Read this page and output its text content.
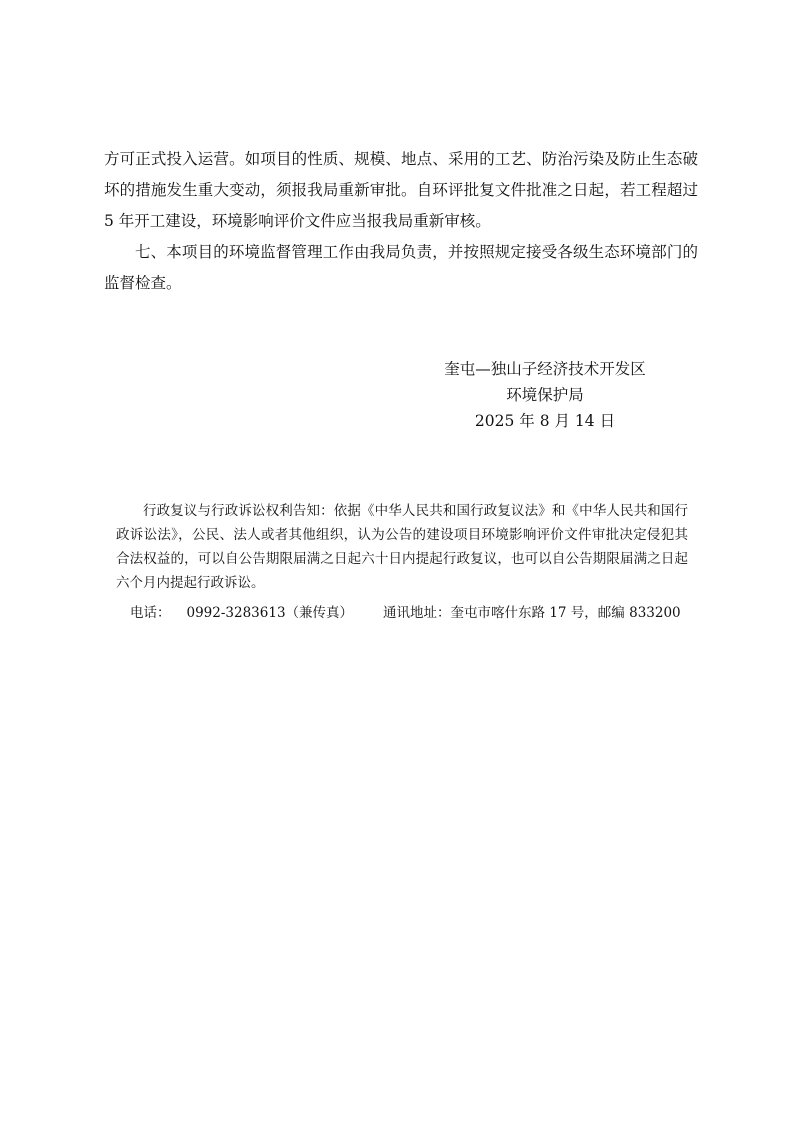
方可正式投入运营。如项目的性质、规模、地点、采用的工艺、防治污染及防止生态破坏的措施发生重大变动，须报我局重新审批。自环评批复文件批准之日起，若工程超过 5 年开工建设，环境影响评价文件应当报我局重新审核。

七、本项目的环境监督管理工作由我局负责，并按照规定接受各级生态环境部门的监督检查。

奎屯—独山子经济技术开发区
环境保护局
2025 年 8 月 14 日

行政复议与行政诉讼权利告知：依据《中华人民共和国行政复议法》和《中华人民共和国行政诉讼法》，公民、法人或者其他组织，认为公告的建设项目环境影响评价文件审批决定侵犯其合法权益的，可以自公告期限届满之日起六十日内提起行政复议，也可以自公告期限届满之日起六个月内提起行政诉讼。

电话： 0992-3283613（兼传真） 通讯地址：奎屯市喀什东路 17 号，邮编 833200
